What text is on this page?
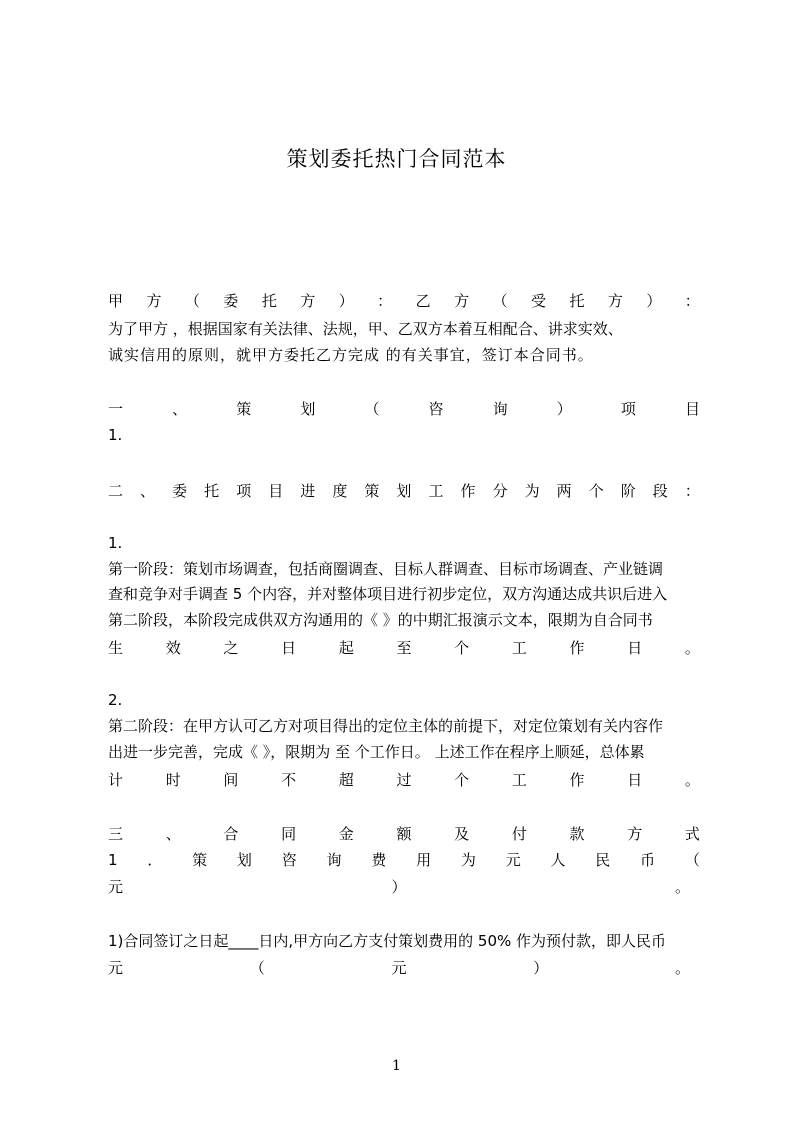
策划委托热门合同范本
甲 方 （ 委 托 方 ） ： 乙 方 （ 受 托 方 ） ：
为了甲方 ，根据国家有关法律、法规，甲、乙双方本着互相配合、讲求实效、
诚实信用的原则，就甲方委托乙方完成 的有关事宜，签订本合同书。
一	、	策	划	（	咨	询	）	项	目
1.
二 、 委 托 项 目 进 度 策 划 工 作 分 为 两 个 阶 段 ：
1.
第一阶段：策划市场调查，包括商圈调查、目标人群调查、目标市场调查、产业链调
查和竞争对手调查 5 个内容，并对整体项目进行初步定位，双方沟通达成共识后进入
第二阶段，本阶段完成供双方沟通用的《 》的中期汇报演示文本，限期为自合同书
生	效	之	日	起	至	个	工	作	日	。
2.
第二阶段：在甲方认可乙方对项目得出的定位主体的前提下，对定位策划有关内容作
出进一步完善，完成《 》，限期为 至 个工作日。 上述工作在程序上顺延，总体累
计	时	间	不	超	过	个	工	作	日	。
三	、	合	同	金	额	及	付	款	方	式
1 ． 策 划 咨 询 费 用 为 元 人 民 币 （
元	）	。
1)合同签订之日起____日内,甲方向乙方支付策划费用的 50% 作为预付款，即人民币
元	（	元	）	。
1
